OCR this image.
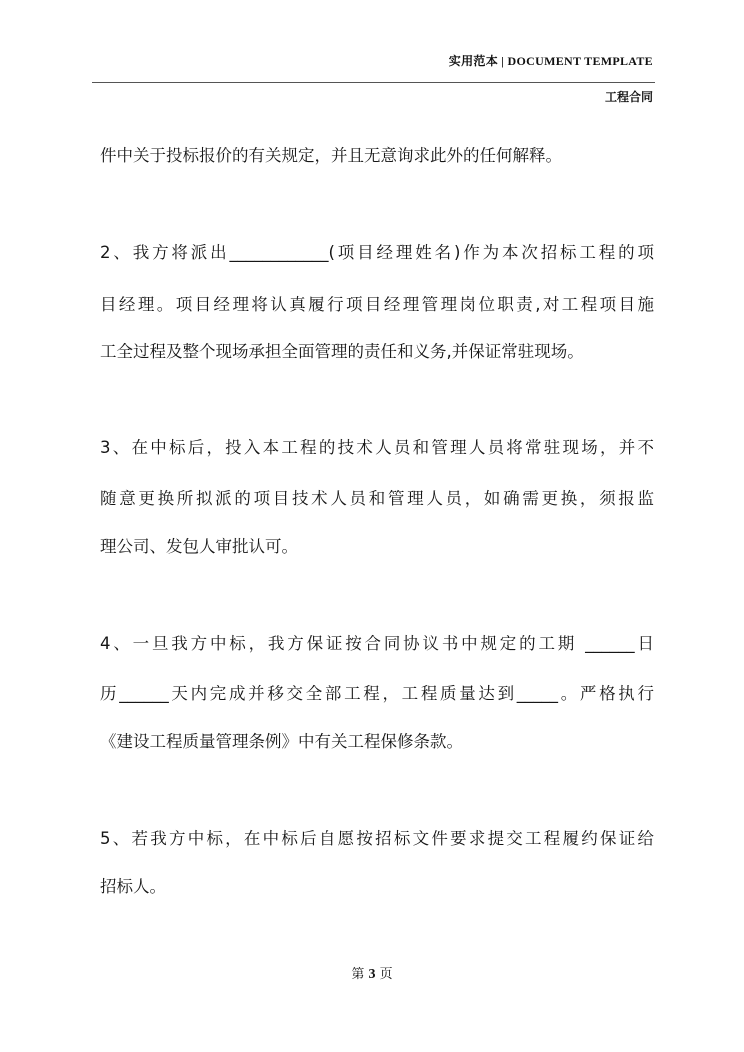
实用范本 | DOCUMENT TEMPLATE
工程合同
件中关于投标报价的有关规定，并且无意询求此外的任何解释。
2、我方将派出____________(项目经理姓名)作为本次招标工程的项
目经理。项目经理将认真履行项目经理管理岗位职责,对工程项目施
工全过程及整个现场承担全面管理的责任和义务,并保证常驻现场。
3、在中标后，投入本工程的技术人员和管理人员将常驻现场，并不
随意更换所拟派的项目技术人员和管理人员，如确需更换，须报监
理公司、发包人审批认可。
4、一旦我方中标，我方保证按合同协议书中规定的工期 ______日
历______天内完成并移交全部工程，工程质量达到_____。严格执行
《建设工程质量管理条例》中有关工程保修条款。
5、若我方中标，在中标后自愿按招标文件要求提交工程履约保证给
招标人。
第 3 页
